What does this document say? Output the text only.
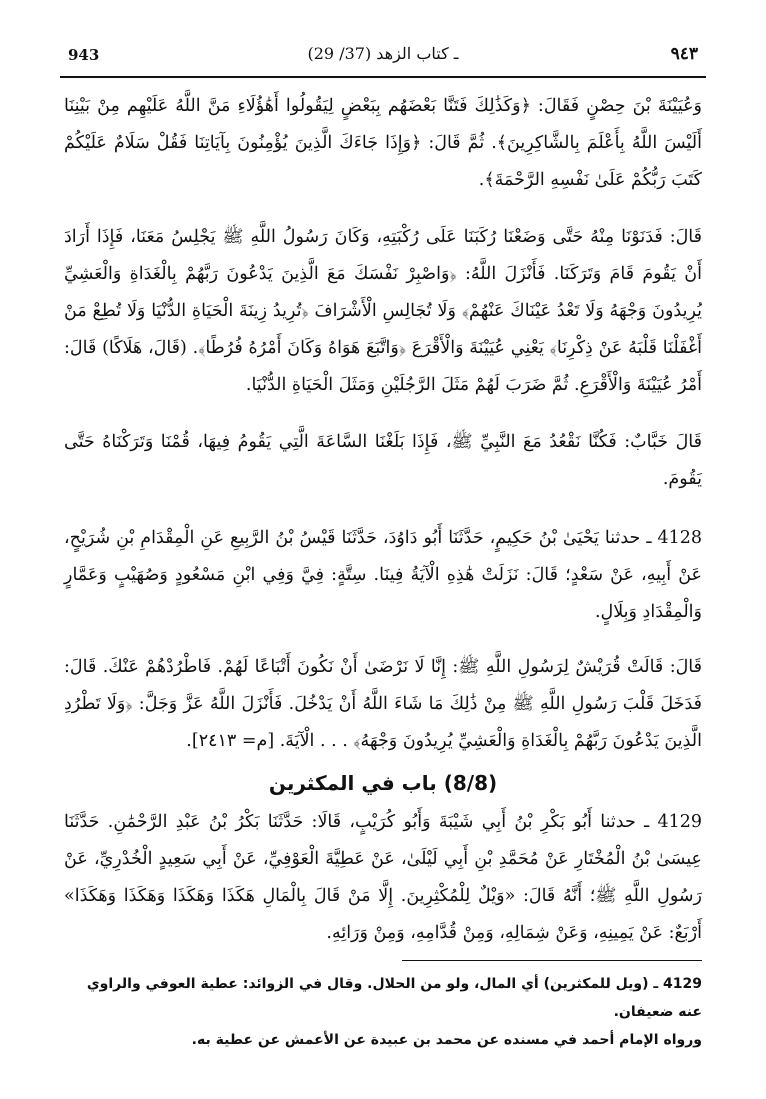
943	(29 /37) ـ كتاب الزهد	٩٤٣

وَعُيَيْنَةَ بْنَ حِصْنٍ فَقَالَ: ﴿وَكَذَٰلِكَ فَتَنَّا بَعْضَهُم بِبَعْضٍ لِيَقُولُوا أَهَٰؤُلَاءِ مَنَّ اللَّهُ عَلَيْهِم مِنْ بَيْنِنَا أَلَيْسَ اللَّهُ بِأَعْلَمَ بِالشَّاكِرِينَ﴾. ثُمَّ قَالَ: ﴿وَإِذَا جَاءَكَ الَّذِينَ يُؤْمِنُونَ بِآيَاتِنَا فَقُلْ سَلَامٌ عَلَيْكُمْ كَتَبَ رَبُّكُمْ عَلَىٰ نَفْسِهِ الرَّحْمَةَ﴾.

قَالَ: فَدَنَوْنَا مِنْهُ حَتَّى وَضَعْنَا رُكَبَنَا عَلَى رُكْبَتِهِ، وَكَانَ رَسُولُ اللَّهِ ﷺ يَجْلِسُ مَعَنَا، فَإِذَا أَرَادَ أَنْ يَقُومَ قَامَ وَتَرَكَنَا. فَأَنْزَلَ اللَّهُ: ﴿وَاصْبِرْ نَفْسَكَ مَعَ الَّذِينَ يَدْعُونَ رَبَّهُمْ بِالْغَدَاةِ وَالْعَشِيِّ يُرِيدُونَ وَجْهَهُ وَلَا تَعْدُ عَيْنَاكَ عَنْهُمْ﴾ وَلَا تُجَالِسِ الْأَشْرَافَ ﴿تُرِيدُ زِينَةَ الْحَيَاةِ الدُّنْيَا وَلَا تُطِعْ مَنْ أَغْفَلْنَا قَلْبَهُ عَنْ ذِكْرِنَا﴾ يَعْنِي عُيَيْنَةَ وَالْأَقْرَعَ ﴿وَاتَّبَعَ هَوَاهُ وَكَانَ أَمْرُهُ فُرُطًا﴾. (قَالَ، هَلَاكًا) قَالَ: أَمْرُ عُيَيْنَةَ وَالْأَقْرَعِ. ثُمَّ ضَرَبَ لَهُمْ مَثَلَ الرَّجُلَيْنِ وَمَثَلَ الْحَيَاةِ الدُّنْيَا.

قَالَ خَبَّابٌ: فَكُنَّا نَقْعُدُ مَعَ النَّبِيِّ ﷺ، فَإِذَا بَلَغْنَا السَّاعَةَ الَّتِي يَقُومُ فِيهَا، قُمْنَا وَتَرَكْنَاهُ حَتَّى يَقُومَ.

4128 ـ حدثنا يَحْيَىٰ بْنُ حَكِيمٍ، حَدَّثَنَا أَبُو دَاوُدَ، حَدَّثَنَا قَيْسُ بْنُ الرَّبِيعِ عَنِ الْمِقْدَامِ بْنِ شُرَيْحٍ، عَنْ أَبِيهِ، عَنْ سَعْدٍ؛ قَالَ: نَزَلَتْ هَٰذِهِ الْآيَةُ فِينَا. سِتَّةٍ: فِيَّ وَفِي ابْنِ مَسْعُودٍ وَصُهَيْبٍ وَعَمَّارٍ وَالْمِقْدَادِ وَبِلَالٍ.

قَالَ: قَالَتْ قُرَيْشٌ لِرَسُولِ اللَّهِ ﷺ: إِنَّا لَا نَرْضَىٰ أَنْ نَكُونَ أَتْبَاعًا لَهُمْ. فَاطْرُدْهُمْ عَنْكَ. قَالَ: فَدَخَلَ قَلْبَ رَسُولِ اللَّهِ ﷺ مِنْ ذَٰلِكَ مَا شَاءَ اللَّهُ أَنْ يَدْخُلَ. فَأَنْزَلَ اللَّهُ عَزَّ وَجَلَّ: ﴿وَلَا تَطْرُدِ الَّذِينَ يَدْعُونَ رَبَّهُمْ بِالْغَدَاةِ وَالْعَشِيِّ يُرِيدُونَ وَجْهَهُ﴾ . . . الْآيَةَ. [م= ٢٤١٣].

(8/8) باب في المكثرين

4129 ـ حدثنا أَبُو بَكْرِ بْنُ أَبِي شَيْبَةَ وَأَبُو كُرَيْبٍ، قَالَا: حَدَّثَنَا بَكْرُ بْنُ عَبْدِ الرَّحْمَٰنِ. حَدَّثَنَا عِيسَىٰ بْنُ الْمُخْتَارِ عَنْ مُحَمَّدِ بْنِ أَبِي لَيْلَىٰ، عَنْ عَطِيَّةَ الْعَوْفِيِّ، عَنْ أَبِي سَعِيدٍ الْخُدْرِيِّ، عَنْ رَسُولِ اللَّهِ ﷺ؛ أَنَّهُ قَالَ: «وَيْلٌ لِلْمُكْثِرِينَ. إِلَّا مَنْ قَالَ بِالْمَالِ هَكَذَا وَهَكَذَا وَهَكَذَا وَهَكَذَا» أَرْبَعٌ: عَنْ يَمِينِهِ، وَعَنْ شِمَالِهِ، وَمِنْ قُدَّامِهِ، وَمِنْ وَرَائِهِ.

4129 ـ (ويل للمكثرين) أي المال، ولو من الحلال. وقال في الزوائد: عطية العوفي والراوي عنه ضعيفان.

ورواه الإمام أحمد في مسنده عن محمد بن عبيدة عن الأعمش عن عطية به.
